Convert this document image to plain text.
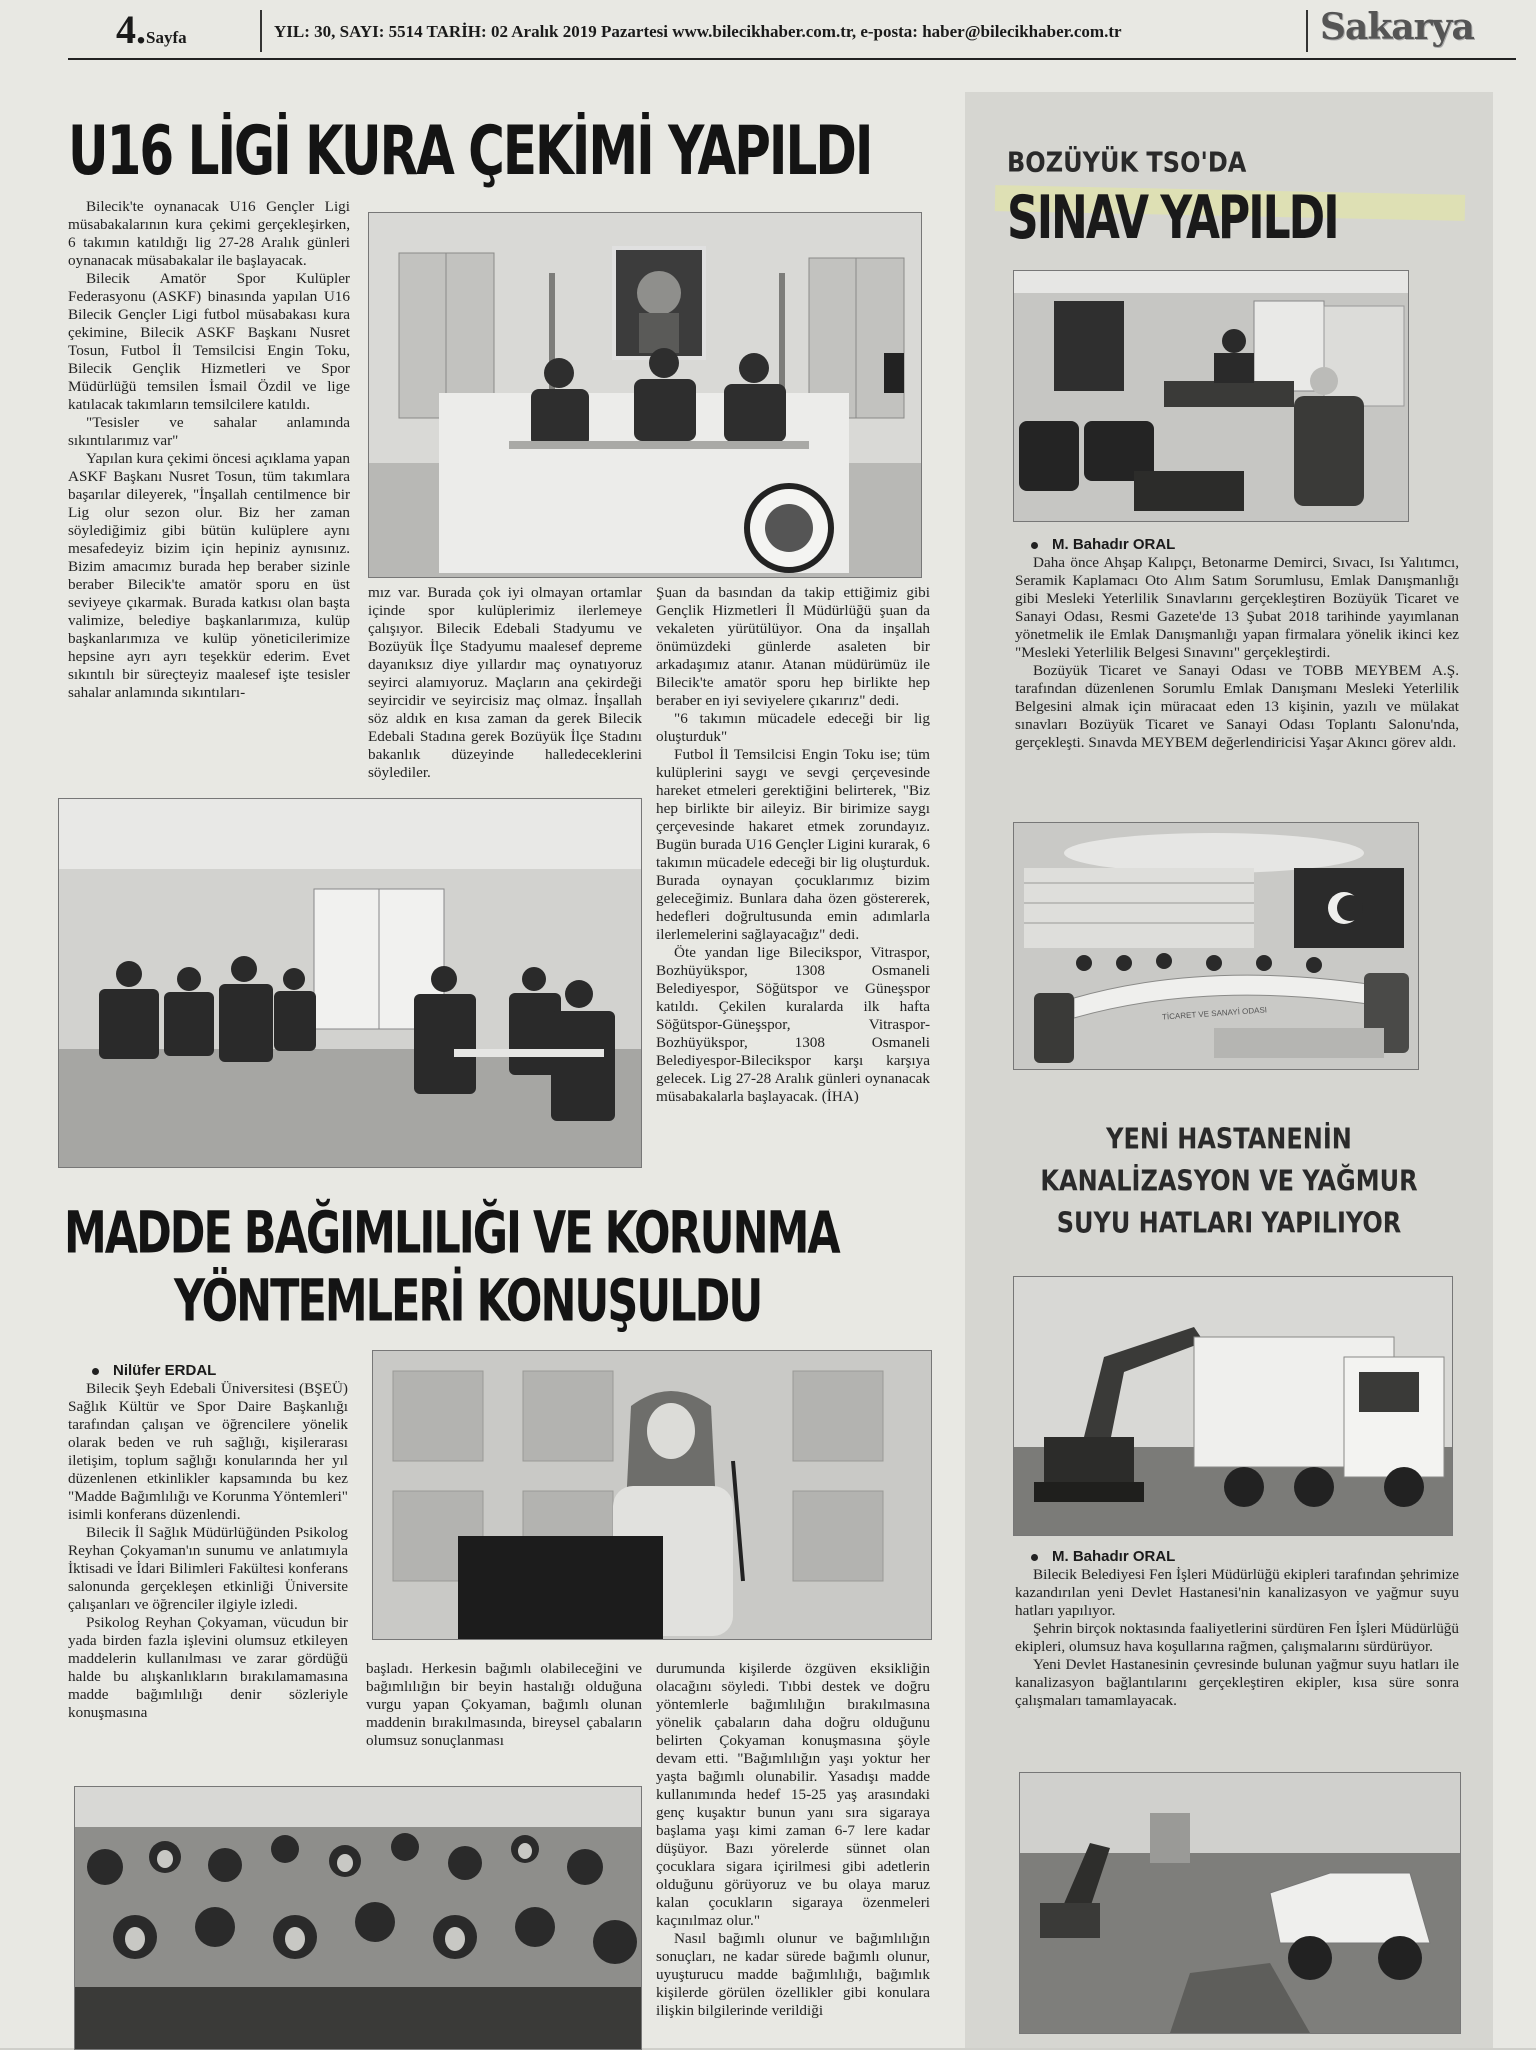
4.Sayfa	YIL: 30, SAYI: 5514 TARİH: 02 Aralık 2019 Pazartesi www.bilecikhaber.com.tr, e-posta: haber@bilecikhaber.com.tr	Sakarya
U16 LİGİ KURA ÇEKİMİ YAPILDI

Bilecik'te oynanacak U16 Gençler Ligi müsabakalarının kura çekimi gerçekleşirken, 6 takımın katıldığı lig 27-28 Aralık günleri oynanacak müsabakalar ile başlayacak.

Bilecik Amatör Spor Kulüpler Federasyonu (ASKF) binasında yapılan U16 Bilecik Gençler Ligi futbol müsabakası kura çekimine, Bilecik ASKF Başkanı Nusret Tosun, Futbol İl Temsilcisi Engin Toku, Bilecik Gençlik Hizmetleri ve Spor Müdürlüğü temsilen İsmail Özdil ve lige katılacak takımların temsilcilere katıldı.

"Tesisler ve sahalar anlamında sıkıntılarımız var"

Yapılan kura çekimi öncesi açıklama yapan ASKF Başkanı Nusret Tosun, tüm takımlara başarılar dileyerek, "İnşallah centilmence bir Lig olur sezon olur. Biz her zaman söylediğimiz gibi bütün kulüplere aynı mesafedeyiz bizim için hepiniz aynısınız. Bizim amacımız burada hep beraber sizinle beraber Bilecik'te amatör sporu en üst seviyeye çıkarmak. Burada katkısı olan başta valimize, belediye başkanlarımıza, kulüp başkanlarımıza ve kulüp yöneticilerimize hepsine ayrı ayrı teşekkür ederim. Evet sıkıntılı bir süreçteyiz maalesef işte tesisler sahalar anlamında sıkıntıları-

mız var. Burada çok iyi olmayan ortamlar içinde spor kulüplerimiz ilerlemeye çalışıyor. Bilecik Edebali Stadyumu ve Bozüyük İlçe Stadyumu maalesef depreme dayanıksız diye yıllardır maç oynatıyoruz seyirci alamıyoruz. Maçların ana çekirdeği seyircidir ve seyircisiz maç olmaz. İnşallah söz aldık en kısa zaman da gerek Bilecik Edebali Stadına gerek Bozüyük İlçe Stadını bakanlık düzeyinde halledeceklerini söylediler.

Şuan da basından da takip ettiğimiz gibi Gençlik Hizmetleri İl Müdürlüğü şuan da vekaleten yürütülüyor. Ona da inşallah önümüzdeki günlerde asaleten bir arkadaşımız atanır. Atanan müdürümüz ile Bilecik'te amatör sporu hep birlikte hep beraber en iyi seviyelere çıkarırız" dedi.

"6 takımın mücadele edeceği bir lig oluşturduk"

Futbol İl Temsilcisi Engin Toku ise; tüm kulüplerini saygı ve sevgi çerçevesinde hareket etmeleri gerektiğini belirterek, "Biz hep birlikte bir aileyiz. Bir birimize saygı çerçevesinde hakaret etmek zorundayız. Bugün burada U16 Gençler Ligini kurarak, 6 takımın mücadele edeceği bir lig oluşturduk. Burada oynayan çocuklarımız bizim geleceğimiz. Bunlara daha özen göstererek, hedefleri doğrultusunda emin adımlarla ilerlemelerini sağlayacağız" dedi.

Öte yandan lige Bilecikspor, Vitraspor, Bozhüyükspor, 1308 Osmaneli Belediyespor, Söğütspor ve Güneşspor katıldı. Çekilen kuralarda ilk hafta Söğütspor-Güneşspor, Vitraspor-Bozhüyükspor, 1308 Osmaneli Belediyespor-Bilecikspor karşı karşıya gelecek. Lig 27-28 Aralık günleri oynanacak müsabakalarla başlayacak. (İHA)

MADDE BAĞIMLILIĞI VE KORUNMA
YÖNTEMLERİ KONUŞULDU
Nilüfer ERDAL

Bilecik Şeyh Edebali Üniversitesi (BŞEÜ) Sağlık Kültür ve Spor Daire Başkanlığı tarafından çalışan ve öğrencilere yönelik olarak beden ve ruh sağlığı, kişilerarası iletişim, toplum sağlığı konularında her yıl düzenlenen etkinlikler kapsamında bu kez "Madde Bağımlılığı ve Korunma Yöntemleri" isimli konferans düzenlendi.

Bilecik İl Sağlık Müdürlüğünden Psikolog Reyhan Çokyaman'ın sunumu ve anlatımıyla İktisadi ve İdari Bilimleri Fakültesi konferans salonunda gerçekleşen etkinliği Üniversite çalışanları ve öğrenciler ilgiyle izledi.

Psikolog Reyhan Çokyaman, vücudun bir yada birden fazla işlevini olumsuz etkileyen maddelerin kullanılması ve zarar gördüğü halde bu alışkanlıkların bırakılamamasına madde bağımlılığı denir sözleriyle konuşmasına

başladı. Herkesin bağımlı olabileceğini ve bağımlılığın bir beyin hastalığı olduğuna vurgu yapan Çokyaman, bağımlı olunan maddenin bırakılmasında, bireysel çabaların olumsuz sonuçlanması

durumunda kişilerde özgüven eksikliğin olacağını söyledi. Tıbbi destek ve doğru yöntemlerle bağımlılığın bırakılmasına yönelik çabaların daha doğru olduğunu belirten Çokyaman konuşmasına şöyle devam etti. "Bağımlılığın yaşı yoktur her yaşta bağımlı olunabilir. Yasadışı madde kullanımında hedef 15-25 yaş arasındaki genç kuşaktır bunun yanı sıra sigaraya başlama yaşı kimi zaman 6-7 lere kadar düşüyor. Bazı yörelerde sünnet olan çocuklara sigara içirilmesi gibi adetlerin olduğunu görüyoruz ve bu olaya maruz kalan çocukların sigaraya özenmeleri kaçınılmaz olur."

Nasıl bağımlı olunur ve bağımlılığın sonuçları, ne kadar sürede bağımlı olunur, uyuşturucu madde bağımlılığı, bağımlık kişilerde görülen özellikler gibi konulara ilişkin bilgilerinde verildiği

BOZÜYÜK TSO'DA
SINAV YAPILDI
M. Bahadır ORAL

Daha önce Ahşap Kalıpçı, Betonarme Demirci, Sıvacı, Isı Yalıtımcı, Seramik Kaplamacı Oto Alım Satım Sorumlusu, Emlak Danışmanlığı gibi Mesleki Yeterlilik Sınavlarını gerçekleştiren Bozüyük Ticaret ve Sanayi Odası, Resmi Gazete'de 13 Şubat 2018 tarihinde yayımlanan yönetmelik ile Emlak Danışmanlığı yapan firmalara yönelik ikinci kez "Mesleki Yeterlilik Belgesi Sınavını" gerçekleştirdi.

Bozüyük Ticaret ve Sanayi Odası ve TOBB MEYBEM A.Ş. tarafından düzenlenen Sorumlu Emlak Danışmanı Mesleki Yeterlilik Belgesini almak için müracaat eden 13 kişinin, yazılı ve mülakat sınavları Bozüyük Ticaret ve Sanayi Odası Toplantı Salonu'nda, gerçekleşti. Sınavda MEYBEM değerlendiricisi Yaşar Akıncı görev aldı.

TİCARET VE SANAYİ ODASI
YENİ HASTANENİN
KANALİZASYON VE YAĞMUR
SUYU HATLARI YAPILIYOR
M. Bahadır ORAL

Bilecik Belediyesi Fen İşleri Müdürlüğü ekipleri tarafından şehrimize kazandırılan yeni Devlet Hastanesi'nin kanalizasyon ve yağmur suyu hatları yapılıyor.

Şehrin birçok noktasında faaliyetlerini sürdüren Fen İşleri Müdürlüğü ekipleri, olumsuz hava koşullarına rağmen, çalışmalarını sürdürüyor.

Yeni Devlet Hastanesinin çevresinde bulunan yağmur suyu hatları ile kanalizasyon bağlantılarını gerçekleştiren ekipler, kısa süre sonra çalışmaları tamamlayacak.
